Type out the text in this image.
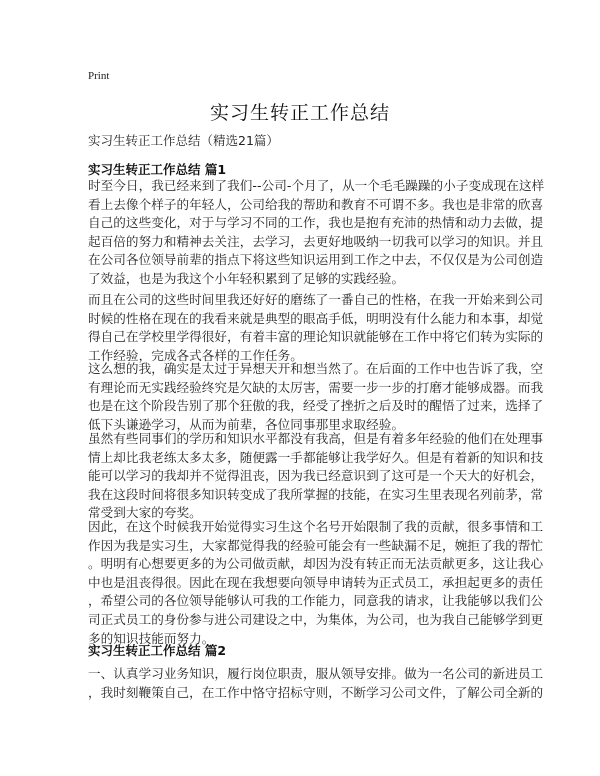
Print
实习生转正工作总结
实习生转正工作总结（精选21篇）
实习生转正工作总结 篇1
时至今日，我已经来到了我们--公司-个月了，从一个毛毛躁躁的小子变成现在这样
看上去像个样子的年轻人，公司给我的帮助和教育不可谓不多。我也是非常的欣喜
自己的这些变化，对于与学习不同的工作，我也是抱有充沛的热情和动力去做，提
起百倍的努力和精神去关注，去学习，去更好地吸纳一切我可以学习的知识。并且
在公司各位领导前辈的指点下将这些知识运用到工作之中去，不仅仅是为公司创造
了效益，也是为我这个小年轻积累到了足够的实践经验。
而且在公司的这些时间里我还好好的磨练了一番自己的性格，在我一开始来到公司
时候的性格在现在的我看来就是典型的眼高手低，明明没有什么能力和本事，却觉
得自己在学校里学得很好，有着丰富的理论知识就能够在工作中将它们转为实际的
工作经验，完成各式各样的工作任务。
这么想的我，确实是太过于异想天开和想当然了。在后面的工作中也告诉了我，空
有理论而无实践经验终究是欠缺的太厉害，需要一步一步的打磨才能够成器。而我
也是在这个阶段告别了那个狂傲的我，经受了挫折之后及时的醒悟了过来，选择了
低下头谦逊学习，从而为前辈，各位同事那里求取经验。
虽然有些同事们的学历和知识水平都没有我高，但是有着多年经验的他们在处理事
情上却比我老练太多太多，随便露一手都能够让我学好久。但是有着新的知识和技
能可以学习的我却并不觉得沮丧，因为我已经意识到了这可是一个天大的好机会，
我在这段时间将很多知识转变成了我所掌握的技能，在实习生里表现名列前茅，常
常受到大家的夸奖。
因此，在这个时候我开始觉得实习生这个名号开始限制了我的贡献，很多事情和工
作因为我是实习生，大家都觉得我的经验可能会有一些缺漏不足，婉拒了我的帮忙
。明明有心想要更多的为公司做贡献，却因为没有转正而无法贡献更多，这让我心
中也是沮丧得很。因此在现在我想要向领导申请转为正式员工，承担起更多的责任
，希望公司的各位领导能够认可我的工作能力，同意我的请求，让我能够以我们公
司正式员工的身份参与进公司建设之中，为集体，为公司，也为我自己能够学到更
多的知识技能而努力。
实习生转正工作总结 篇2
一、认真学习业务知识，履行岗位职责，服从领导安排。做为一名公司的新进员工
，我时刻鞭策自己，在工作中恪守招标守则，不断学习公司文件，了解公司全新的
